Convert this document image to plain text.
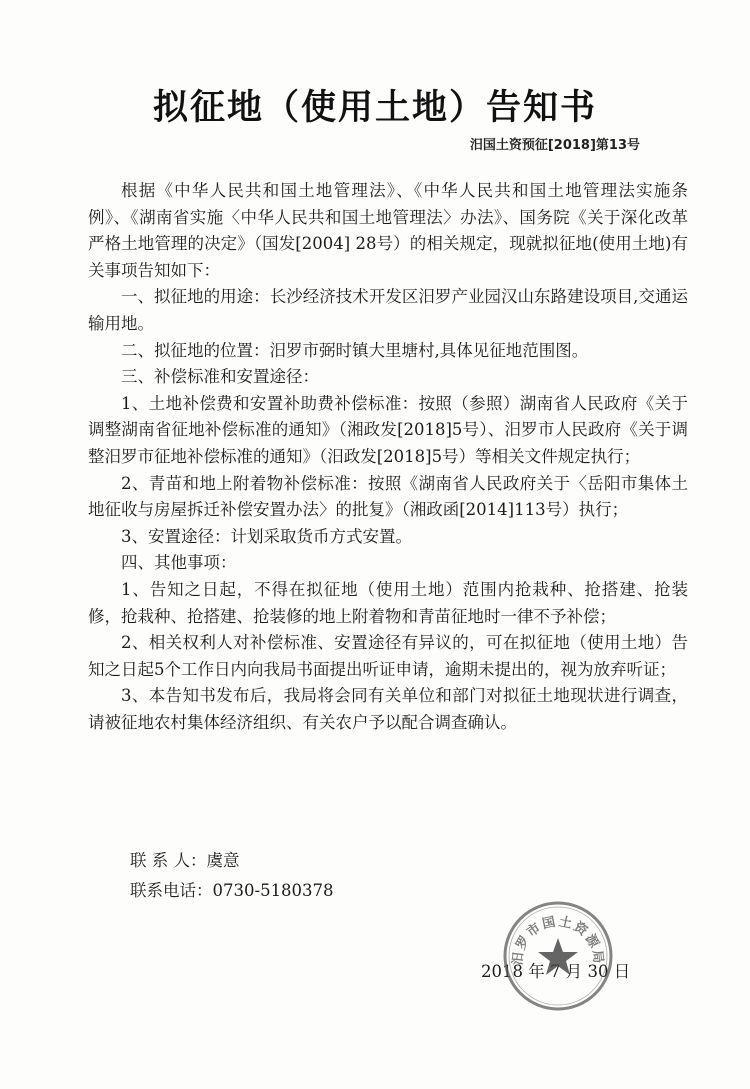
拟征地（使用土地）告知书
汨国土资预征[2018]第13号

根据《中华人民共和国土地管理法》、《中华人民共和国土地管理法实施条例》、《湖南省实施〈中华人民共和国土地管理法〉办法》、国务院《关于深化改革严格土地管理的决定》（国发[2004] 28号）的相关规定，现就拟征地(使用土地)有关事项告知如下：

一、拟征地的用途：长沙经济技术开发区汨罗产业园汉山东路建设项目,交通运输用地。

二、拟征地的位置：汨罗市弼时镇大里塘村,具体见征地范围图。

三、补偿标准和安置途径：

1、土地补偿费和安置补助费补偿标准：按照（参照）湖南省人民政府《关于调整湖南省征地补偿标准的通知》（湘政发[2018]5号）、汨罗市人民政府《关于调整汨罗市征地补偿标准的通知》（汨政发[2018]5号）等相关文件规定执行；

2、青苗和地上附着物补偿标准：按照《湖南省人民政府关于〈岳阳市集体土地征收与房屋拆迁补偿安置办法〉的批复》（湘政函[2014]113号）执行；

3、安置途径：计划采取货币方式安置。

四、其他事项：

1、告知之日起，不得在拟征地（使用土地）范围内抢栽种、抢搭建、抢装修，抢栽种、抢搭建、抢装修的地上附着物和青苗征地时一律不予补偿；

2、相关权利人对补偿标准、安置途径有异议的，可在拟征地（使用土地）告知之日起5个工作日内向我局书面提出听证申请，逾期未提出的，视为放弃听证；

3、本告知书发布后，我局将会同有关单位和部门对拟征土地现状进行调查，请被征地农村集体经济组织、有关农户予以配合调查确认。

联 系 人：虞意
联系电话：0730-5180378
2018 年 7 月 30 日
汨罗市国土资源局
